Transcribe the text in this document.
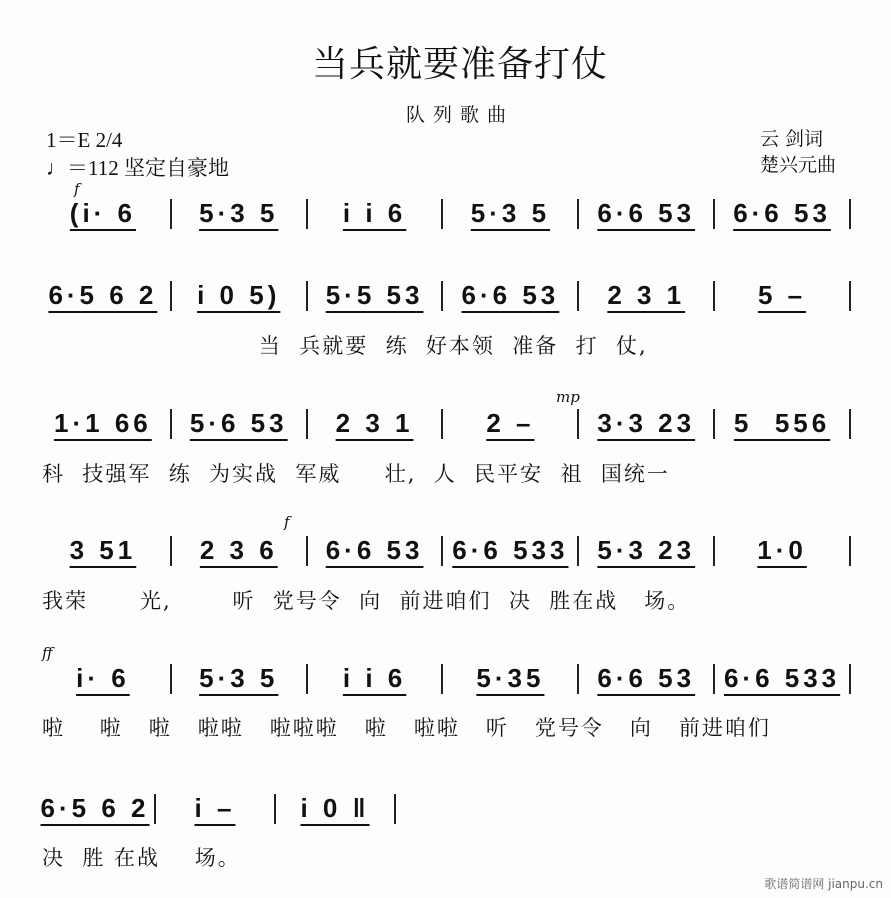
当兵就要准备打仗
队列歌曲
1＝E 2/4
♩＝112 坚定自豪地
云 剑词
楚兴元曲
f
mp
f
ff
(i· 6	5·3 5	i i 6	5·3 5	6·6 53	6·6 53
6·5 6 2	i 0 5)	5·5 53	6·6 53	2 3 1	5 –
当  兵就要  练  好本领  准备  打  仗,
1·1 66	5·6 53	2 3 1	2 –	3·3 23	5  556
科  技强军  练  为实战  军威     壮,  人  民平安  祖  国统一
3 51	2 3 6	6·6 53	6·6 533	5·3 23	1·0
我荣      光,       听  党号令  向  前进咱们  决  胜在战   场。
i· 6	5·3 5	i i 6	5·35	6·6 53	6·6 533
啦    啦   啦   啦啦   啦啦啦   啦   啦啦   听   党号令   向   前进咱们
6·5 6 2	i –	i 0 ‖
决  胜 在战    场。
歌谱简谱网 jianpu.cn
